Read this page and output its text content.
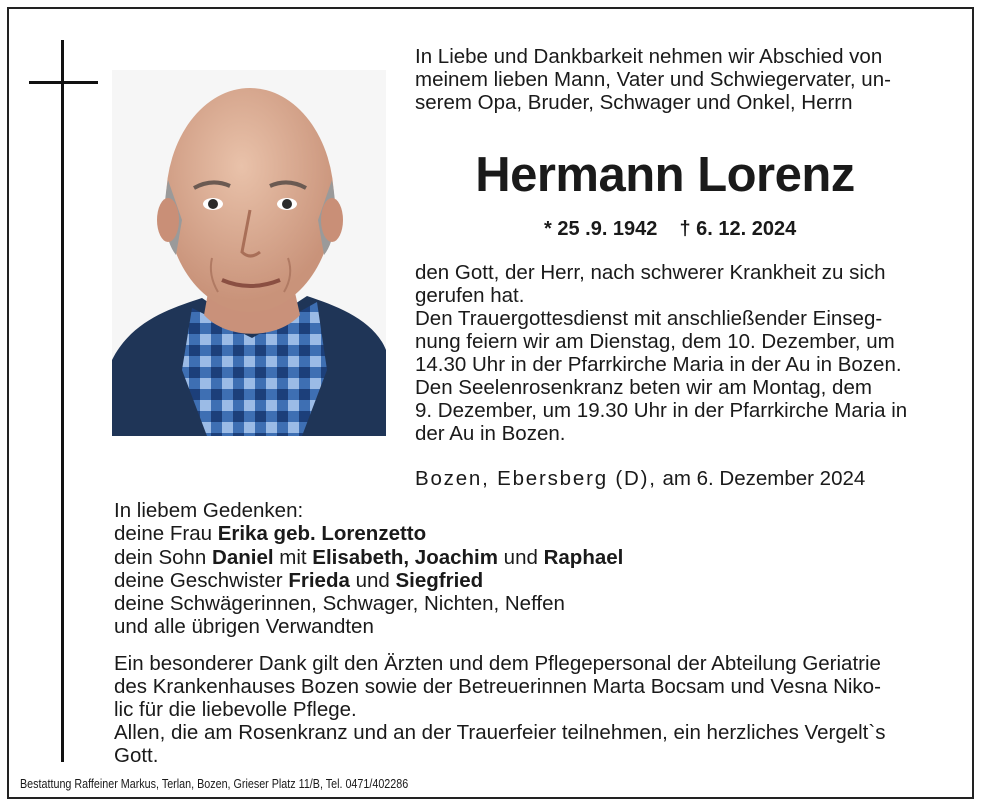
In Liebe und Dankbarkeit nehmen wir Abschied von
meinem lieben Mann, Vater und Schwiegervater, un-
serem Opa, Bruder, Schwager und Onkel, Herrn
Hermann Lorenz
* 25 .9. 1942 † 6. 12. 2024
den Gott, der Herr, nach schwerer Krankheit zu sich
gerufen hat.
Den Trauergottesdienst mit anschließender Einseg-
nung feiern wir am Dienstag, dem 10. Dezember, um
14.30 Uhr in der Pfarrkirche Maria in der Au in Bozen.
Den Seelenrosenkranz beten wir am Montag, dem
9. Dezember, um 19.30 Uhr in der Pfarrkirche Maria in
der Au in Bozen.
Bozen, Ebersberg (D), am 6. Dezember 2024
In liebem Gedenken:
deine Frau Erika geb. Lorenzetto
dein Sohn Daniel mit Elisabeth, Joachim und Raphael
deine Geschwister Frieda und Siegfried
deine Schwägerinnen, Schwager, Nichten, Neffen
und alle übrigen Verwandten
Ein besonderer Dank gilt den Ärzten und dem Pflegepersonal der Abteilung Geriatrie
des Krankenhauses Bozen sowie der Betreuerinnen Marta Bocsam und Vesna Niko-
lic für die liebevolle Pflege.
Allen, die am Rosenkranz und an der Trauerfeier teilnehmen, ein herzliches Vergelt`s
Gott.
Bestattung Raffeiner Markus, Terlan, Bozen, Grieser Platz 11/B, Tel. 0471/402286
